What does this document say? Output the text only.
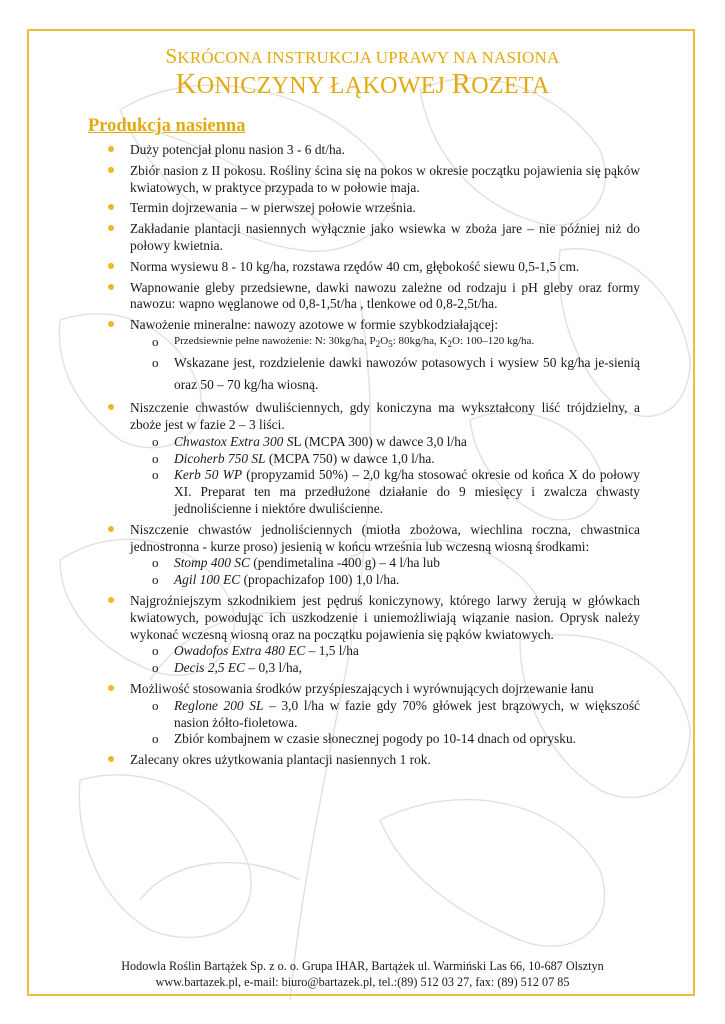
SKRÓCONA INSTRUKCJA UPRAWY NA NASIONA
KONICZYNY ŁĄKOWEJ ROZETA
Produkcja nasienna
Duży potencjał plonu nasion 3 - 6 dt/ha.
Zbiór nasion z II pokosu. Rośliny ścina się na pokos w okresie początku pojawienia się pąków kwiatowych, w praktyce przypada to w połowie maja.
Termin dojrzewania – w pierwszej połowie września.
Zakładanie plantacji nasiennych wyłącznie jako wsiewka w zboża jare – nie później niż do połowy kwietnia.
Norma wysiewu 8 - 10 kg/ha, rozstawa rzędów 40 cm, głębokość siewu 0,5-1,5 cm.
Wapnowanie gleby przedsiewne, dawki nawozu zależne od rodzaju i pH gleby oraz formy nawozu: wapno węglanowe od 0,8-1,5t/ha , tlenkowe od 0,8-2,5t/ha.
Nawożenie mineralne: nawozy azotowe w formie szybkodziałającej:
o Przedsiewnie pełne nawożenie: N: 30kg/ha, $P_2O_5$: 80kg/ha, $K_2O$: 100–120 kg/ha.
o Wskazane jest, rozdzielenie dawki nawozów potasowych i wysiew 50 kg/ha je-sienią oraz 50 – 70 kg/ha wiosną.
Niszczenie chwastów dwuliściennych, gdy koniczyna ma wykształcony liść trójdzielny, a zboże jest w fazie 2 – 3 liści.
o Chwastox Extra 300 SL (MCPA 300) w dawce 3,0 l/ha
o Dicoherb 750 SL (MCPA 750) w dawce 1,0 l/ha.
o Kerb 50 WP (propyzamid 50%) – 2,0 kg/ha stosować okresie od końca X do połowy XI. Preparat ten ma przedłużone działanie do 9 miesięcy i zwalcza chwasty jednoliścienne i niektóre dwuliścienne.
Niszczenie chwastów jednoliściennych (miotła zbożowa, wiechlina roczna, chwastnica jednostronna - kurze proso) jesienią w końcu września lub wczesną wiosną środkami:
o Stomp 400 SC (pendimetalina -400 g) – 4 l/ha lub
o Agil 100 EC (propachizafop 100) 1,0 l/ha.
Najgroźniejszym szkodnikiem jest pędruś koniczynowy, którego larwy żerują w główkach kwiatowych, powodując ich uszkodzenie i uniemożliwiają wiązanie nasion. Oprysk należy wykonać wczesną wiosną oraz na początku pojawienia się pąków kwiatowych.
o Owadofos Extra 480 EC – 1,5 l/ha
o Decis 2,5 EC – 0,3 l/ha,
Możliwość stosowania środków przyśpieszających i wyrównujących dojrzewanie łanu
o Reglone 200 SL – 3,0 l/ha w fazie gdy 70% główek jest brązowych, w większość nasion żółto-fioletowa.
o Zbiór kombajnem w czasie słonecznej pogody po 10-14 dnach od oprysku.
Zalecany okres użytkowania plantacji nasiennych 1 rok.
Hodowla Roślin Bartążek Sp. z o. o. Grupa IHAR, Bartążek ul. Warmiński Las 66, 10-687 Olsztyn
www.bartazek.pl, e-mail: biuro@bartazek.pl, tel.:(89) 512 03 27, fax: (89) 512 07 85
